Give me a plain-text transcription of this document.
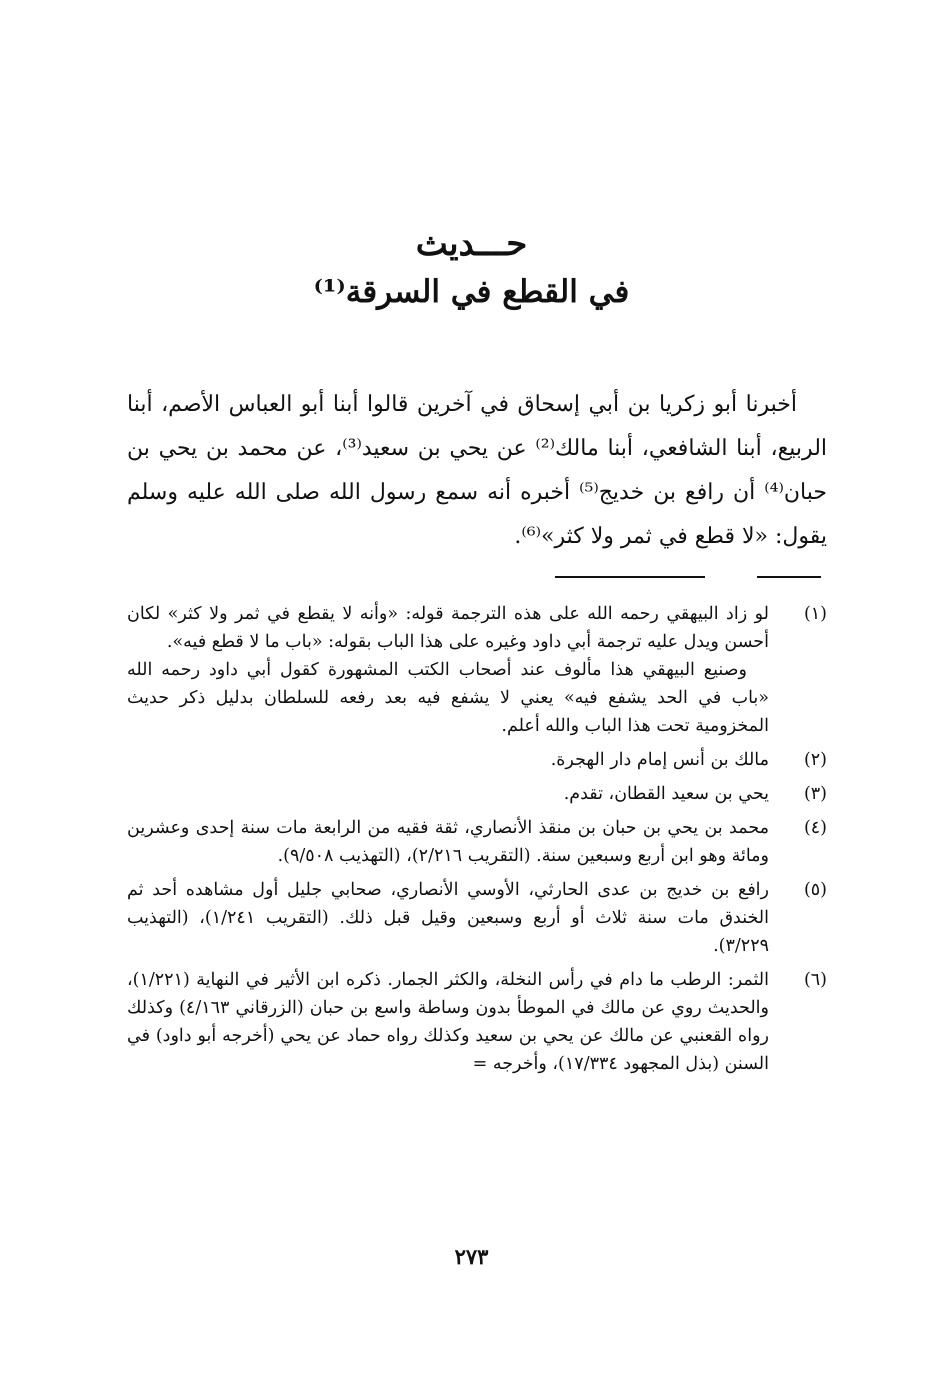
حـــديث
في القطع في السرقة⁽¹⁾

أخبرنا أبو زكريا بن أبي إسحاق في آخرين قالوا أبنا أبو العباس الأصم، أبنا الربيع، أبنا الشافعي، أبنا مالك⁽²⁾ عن يحي بن سعيد⁽³⁾، عن محمد بن يحي بن حبان⁽⁴⁾ أن رافع بن خديج⁽⁵⁾ أخبره أنه سمع رسول الله صلى الله عليه وسلم يقول: «لا قطع في ثمر ولا كثر»⁽⁶⁾.

(١)
لو زاد البيهقي رحمه الله على هذه الترجمة قوله: «وأنه لا يقطع في ثمر ولا كثر» لكان أحسن ويدل عليه ترجمة أبي داود وغيره على هذا الباب بقوله: «باب ما لا قطع فيه».
وصنيع البيهقي هذا مألوف عند أصحاب الكتب المشهورة كقول أبي داود رحمه الله «باب في الحد يشفع فيه» يعني لا يشفع فيه بعد رفعه للسلطان بدليل ذكر حديث المخزومية تحت هذا الباب والله أعلم.
(٢)
مالك بن أنس إمام دار الهجرة.
(٣)
يحي بن سعيد القطان، تقدم.
(٤)
محمد بن يحي بن حبان بن منقذ الأنصاري، ثقة فقيه من الرابعة مات سنة إحدى وعشرين ومائة وهو ابن أربع وسبعين سنة. (التقريب ٢/٢١٦)، (التهذيب ٩/٥٠٨).
(٥)
رافع بن خديج بن عدى الحارثي، الأوسي الأنصاري، صحابي جليل أول مشاهده أحد ثم الخندق مات سنة ثلاث أو أربع وسبعين وقيل قبل ذلك. (التقريب ١/٢٤١)، (التهذيب ٣/٢٢٩).
(٦)
الثمر: الرطب ما دام في رأس النخلة، والكثر الجمار. ذكره ابن الأثير في النهاية (١/٢٢١)، والحديث روي عن مالك في الموطأ بدون وساطة واسع بن حبان (الزرقاني ٤/١٦٣) وكذلك رواه القعنبي عن مالك عن يحي بن سعيد وكذلك رواه حماد عن يحي (أخرجه أبو داود) في السنن (بذل المجهود ١٧/٣٣٤)، وأخرجه =
٢٧٣
